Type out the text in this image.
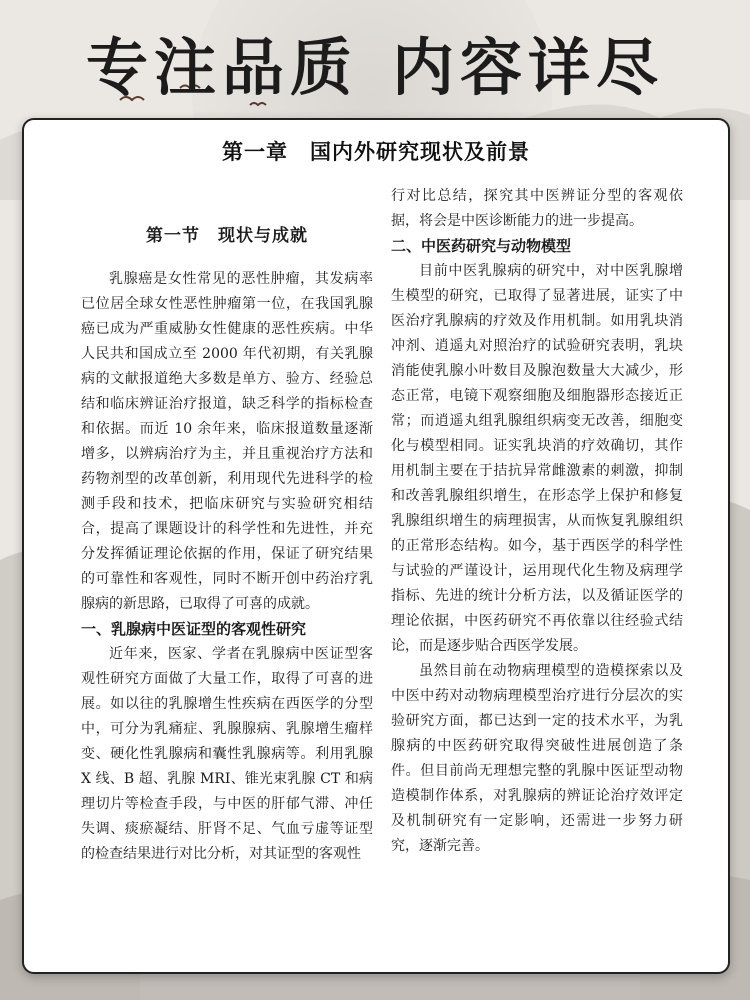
专注品质 内容详尽
第一章　国内外研究现状及前景
第一节　现状与成就

乳腺癌是女性常见的恶性肿瘤，其发病率已位居全球女性恶性肿瘤第一位，在我国乳腺癌已成为严重威胁女性健康的恶性疾病。中华人民共和国成立至 2000 年代初期，有关乳腺病的文献报道绝大多数是单方、验方、经验总结和临床辨证治疗报道，缺乏科学的指标检查和依据。而近 10 余年来，临床报道数量逐渐增多，以辨病治疗为主，并且重视治疗方法和药物剂型的改革创新，利用现代先进科学的检测手段和技术，把临床研究与实验研究相结合，提高了课题设计的科学性和先进性，并充分发挥循证理论依据的作用，保证了研究结果的可靠性和客观性，同时不断开创中药治疗乳腺病的新思路，已取得了可喜的成就。

一、乳腺病中医证型的客观性研究

近年来，医家、学者在乳腺病中医证型客观性研究方面做了大量工作，取得了可喜的进展。如以往的乳腺增生性疾病在西医学的分型中，可分为乳痛症、乳腺腺病、乳腺增生瘤样变、硬化性乳腺病和囊性乳腺病等。利用乳腺 X 线、B 超、乳腺 MRI、锥光束乳腺 CT 和病理切片等检查手段，与中医的肝郁气滞、冲任失调、痰瘀凝结、肝肾不足、气血亏虚等证型的检查结果进行对比分析，对其证型的客观性

行对比总结，探究其中医辨证分型的客观依据，将会是中医诊断能力的进一步提高。

二、中医药研究与动物模型

目前中医乳腺病的研究中，对中医乳腺增生模型的研究，已取得了显著进展，证实了中医治疗乳腺病的疗效及作用机制。如用乳块消冲剂、逍遥丸对照治疗的试验研究表明，乳块消能使乳腺小叶数目及腺泡数量大大减少，形态正常，电镜下观察细胞及细胞器形态接近正常；而逍遥丸组乳腺组织病变无改善，细胞变化与模型相同。证实乳块消的疗效确切，其作用机制主要在于拮抗异常雌激素的刺激，抑制和改善乳腺组织增生，在形态学上保护和修复乳腺组织增生的病理损害，从而恢复乳腺组织的正常形态结构。如今，基于西医学的科学性与试验的严谨设计，运用现代化生物及病理学指标、先进的统计分析方法，以及循证医学的理论依据，中医药研究不再依靠以往经验式结论，而是逐步贴合西医学发展。

虽然目前在动物病理模型的造模探索以及中医中药对动物病理模型治疗进行分层次的实验研究方面，都已达到一定的技术水平，为乳腺病的中医药研究取得突破性进展创造了条件。但目前尚无理想完整的乳腺中医证型动物造模制作体系，对乳腺病的辨证论治疗效评定及机制研究有一定影响，还需进一步努力研究，逐渐完善。
